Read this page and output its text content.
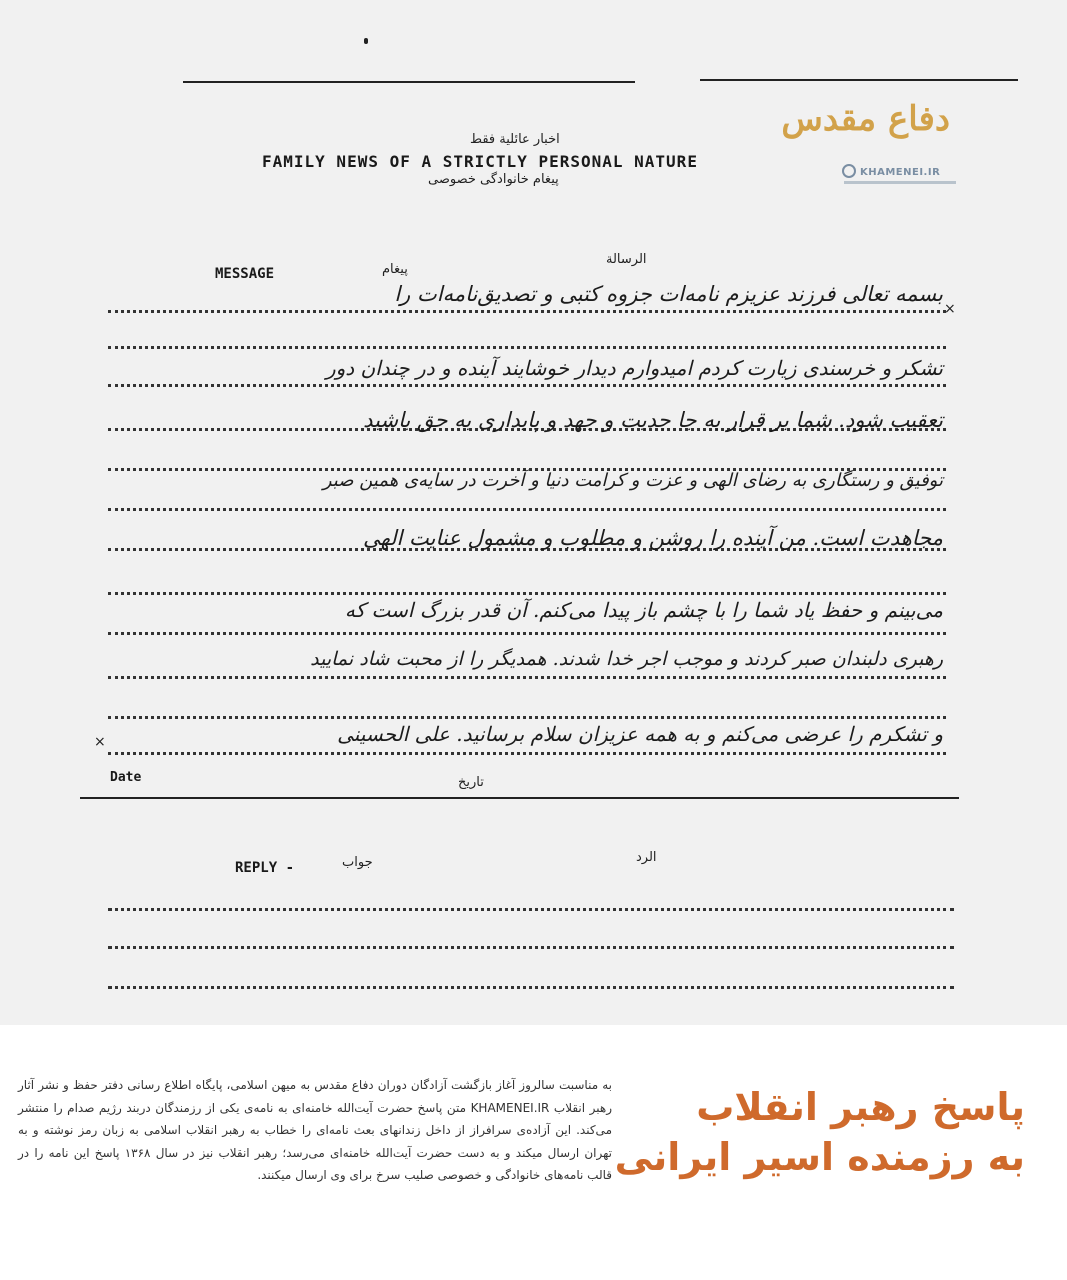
اخبار عائلية فقط
FAMILY NEWS OF A STRICTLY PERSONAL NATURE
پیغام خانوادگی خصوصی
الرسالة
پیغام
MESSAGE
×
×
بسمه تعالی فرزند عزیزم نامه‌ات جزوه کتبی و تصدیق‌نامه‌ات را
تشکر و خرسندی زیارت کردم امیدوارم دیدار خوشایند آینده و در چندان دور
تعقیب شود. شما بر قرار به جا جدیت و جهد و پایداری به حق باشید
توفیق و رستگاری به رضای الهی و عزت و کرامت دنیا و آخرت در سایه‌ی همین صبر
مجاهدت است. من آینده را روشن و مطلوب و مشمول عنایت الهی
می‌بینم و حفظ یاد شما را با چشم باز پیدا می‌کنم. آن قدر بزرگ است که
رهبری دلبندان صبر کردند و موجب اجر خدا شدند. همدیگر را از محبت شاد نمایید
و تشکرم را عرضی می‌کنم و به همه عزیزان سلام برسانید. علی الحسینی
Date	تاریخ
الرد
REPLY -	جواب
دفاع مقدس
KHAMENEI.IR
پاسخ رهبر انقلاب
به رزمنده اسیر ایرانی
به مناسبت سالروز آغاز بازگشت آزادگان دوران دفاع مقدس به میهن اسلامی، پایگاه اطلاع رسانی دفتر حفظ و نشر آثار رهبر انقلاب KHAMENEI.IR متن پاسخ حضرت آیت‌الله خامنه‌ای به نامه‌ی یکی از رزمندگان دربند رژیم صدام را منتشر می‌کند. این آزاده‌ی سرافراز از داخل زندانهای بعث نامه‌ای را خطاب به رهبر انقلاب اسلامی به زبان رمز نوشته و به تهران ارسال میکند و به دست حضرت آیت‌الله خامنه‌ای می‌رسد؛ رهبر انقلاب نیز در سال ۱۳۶۸ پاسخ این نامه را در قالب نامه‌های خانوادگی و خصوصی صلیب سرخ برای وی ارسال میکنند.
